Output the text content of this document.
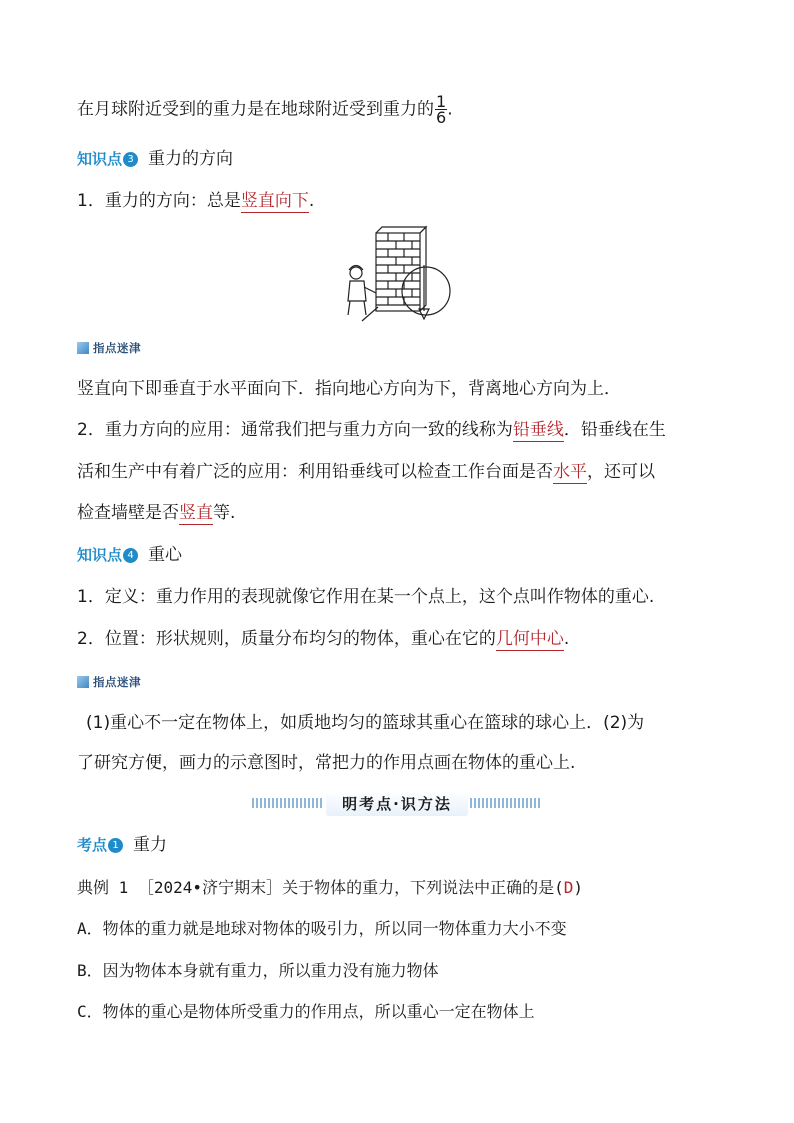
在月球附近受到的重力是在地球附近受到重力的 $\frac{1}{6}$ .
知识点 3 重力的方向
1．重力的方向：总是竖直向下.
指点迷津
竖直向下即垂直于水平面向下．指向地心方向为下，背离地心方向为上．
2．重力方向的应用：通常我们把与重力方向一致的线称为铅垂线．铅垂线在生
活和生产中有着广泛的应用：利用铅垂线可以检查工作台面是否水平，还可以
检查墙壁是否竖直等.
知识点 4 重心
1．定义：重力作用的表现就像它作用在某一个点上，这个点叫作物体的重心.
2．位置：形状规则，质量分布均匀的物体，重心在它的几何中心.
指点迷津
(1)重心不一定在物体上，如质地均匀的篮球其重心在篮球的球心上．(2)为
了研究方便，画力的示意图时，常把力的作用点画在物体的重心上.
明考点·识方法
考点 1 重力
典例 1 ［2024•济宁期末］关于物体的重力，下列说法中正确的是(D)
A．物体的重力就是地球对物体的吸引力，所以同一物体重力大小不变
B．因为物体本身就有重力，所以重力没有施力物体
C．物体的重心是物体所受重力的作用点，所以重心一定在物体上
